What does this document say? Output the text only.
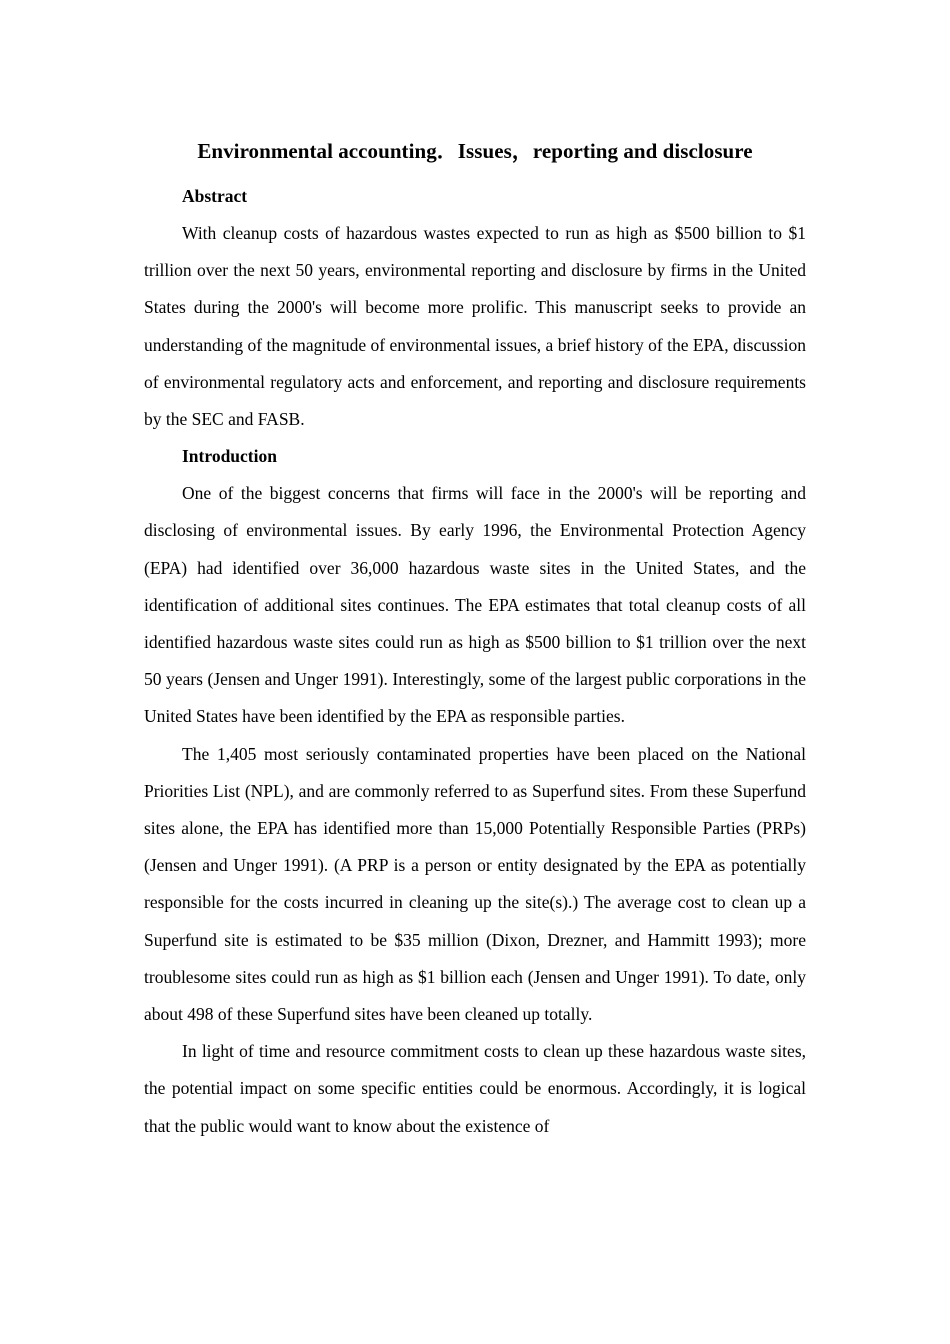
Environmental accounting．Issues，reporting and disclosure
Abstract

With cleanup costs of hazardous wastes expected to run as high as $500 billion to $1 trillion over the next 50 years, environmental reporting and disclosure by firms in the United States during the 2000's will become more prolific. This manuscript seeks to provide an understanding of the magnitude of environmental issues, a brief history of the EPA, discussion of environmental regulatory acts and enforcement, and reporting and disclosure requirements by the SEC and FASB.

Introduction

One of the biggest concerns that firms will face in the 2000's will be reporting and disclosing of environmental issues. By early 1996, the Environmental Protection Agency (EPA) had identified over 36,000 hazardous waste sites in the United States, and the identification of additional sites continues. The EPA estimates that total cleanup costs of all identified hazardous waste sites could run as high as $500 billion to $1 trillion over the next 50 years (Jensen and Unger 1991). Interestingly, some of the largest public corporations in the United States have been identified by the EPA as responsible parties.

The 1,405 most seriously contaminated properties have been placed on the National Priorities List (NPL), and are commonly referred to as Superfund sites. From these Superfund sites alone, the EPA has identified more than 15,000 Potentially Responsible Parties (PRPs) (Jensen and Unger 1991). (A PRP is a person or entity designated by the EPA as potentially responsible for the costs incurred in cleaning up the site(s).) The average cost to clean up a Superfund site is estimated to be $35 million (Dixon, Drezner, and Hammitt 1993); more troublesome sites could run as high as $1 billion each (Jensen and Unger 1991). To date, only about 498 of these Superfund sites have been cleaned up totally.

In light of time and resource commitment costs to clean up these hazardous waste sites, the potential impact on some specific entities could be enormous. Accordingly, it is logical that the public would want to know about the existence of
